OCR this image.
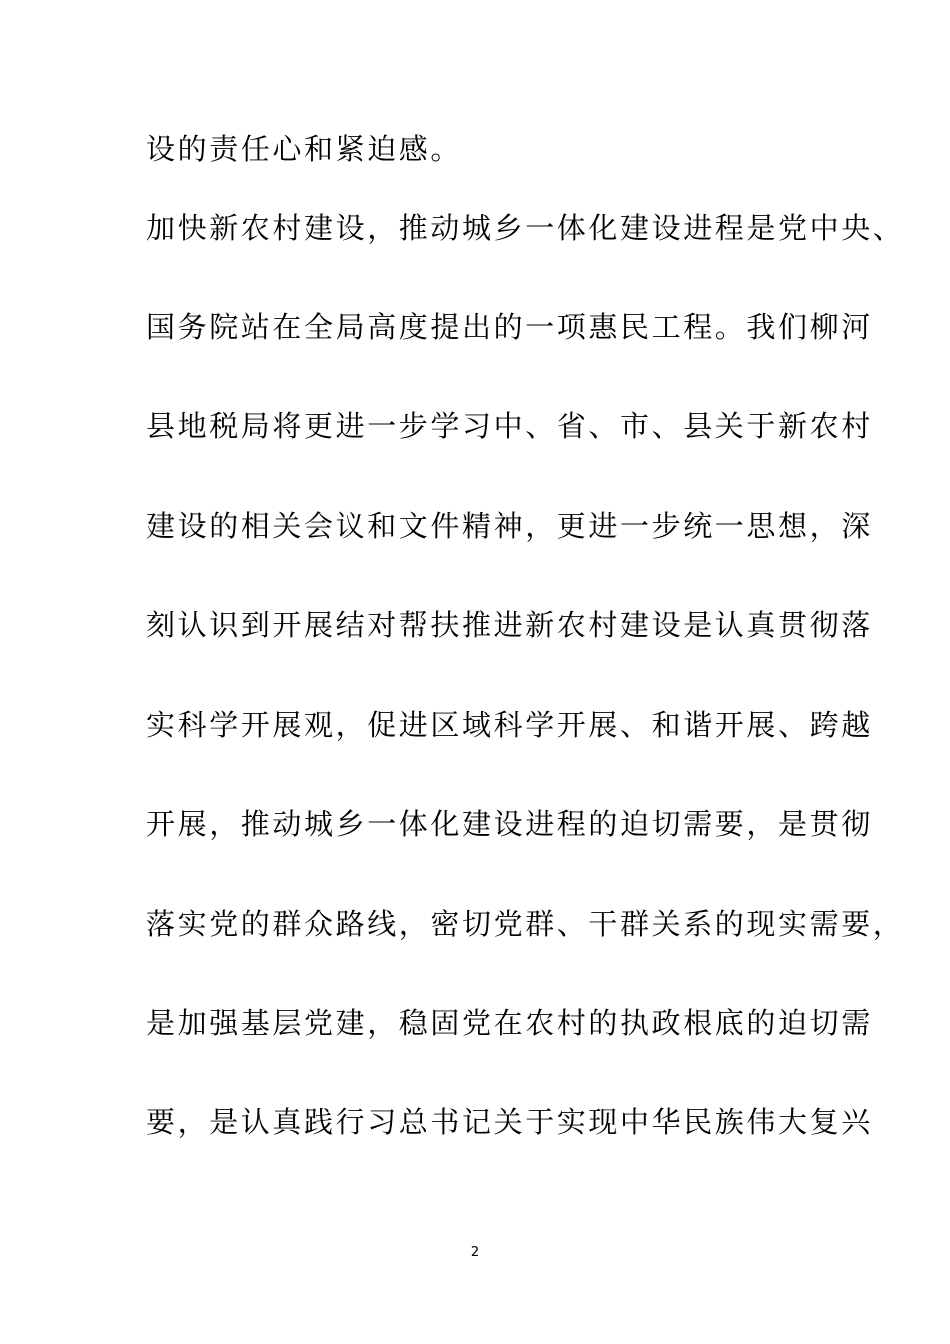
设的责任心和紧迫感。
加快新农村建设，推动城乡一体化建设进程是党中央、
国务院站在全局高度提出的一项惠民工程。我们柳河
县地税局将更进一步学习中、省、市、县关于新农村
建设的相关会议和文件精神，更进一步统一思想，深
刻认识到开展结对帮扶推进新农村建设是认真贯彻落
实科学开展观，促进区域科学开展、和谐开展、跨越
开展，推动城乡一体化建设进程的迫切需要，是贯彻
落实党的群众路线，密切党群、干群关系的现实需要，
是加强基层党建，稳固党在农村的执政根底的迫切需
要，是认真践行习总书记关于实现中华民族伟大复兴
2
